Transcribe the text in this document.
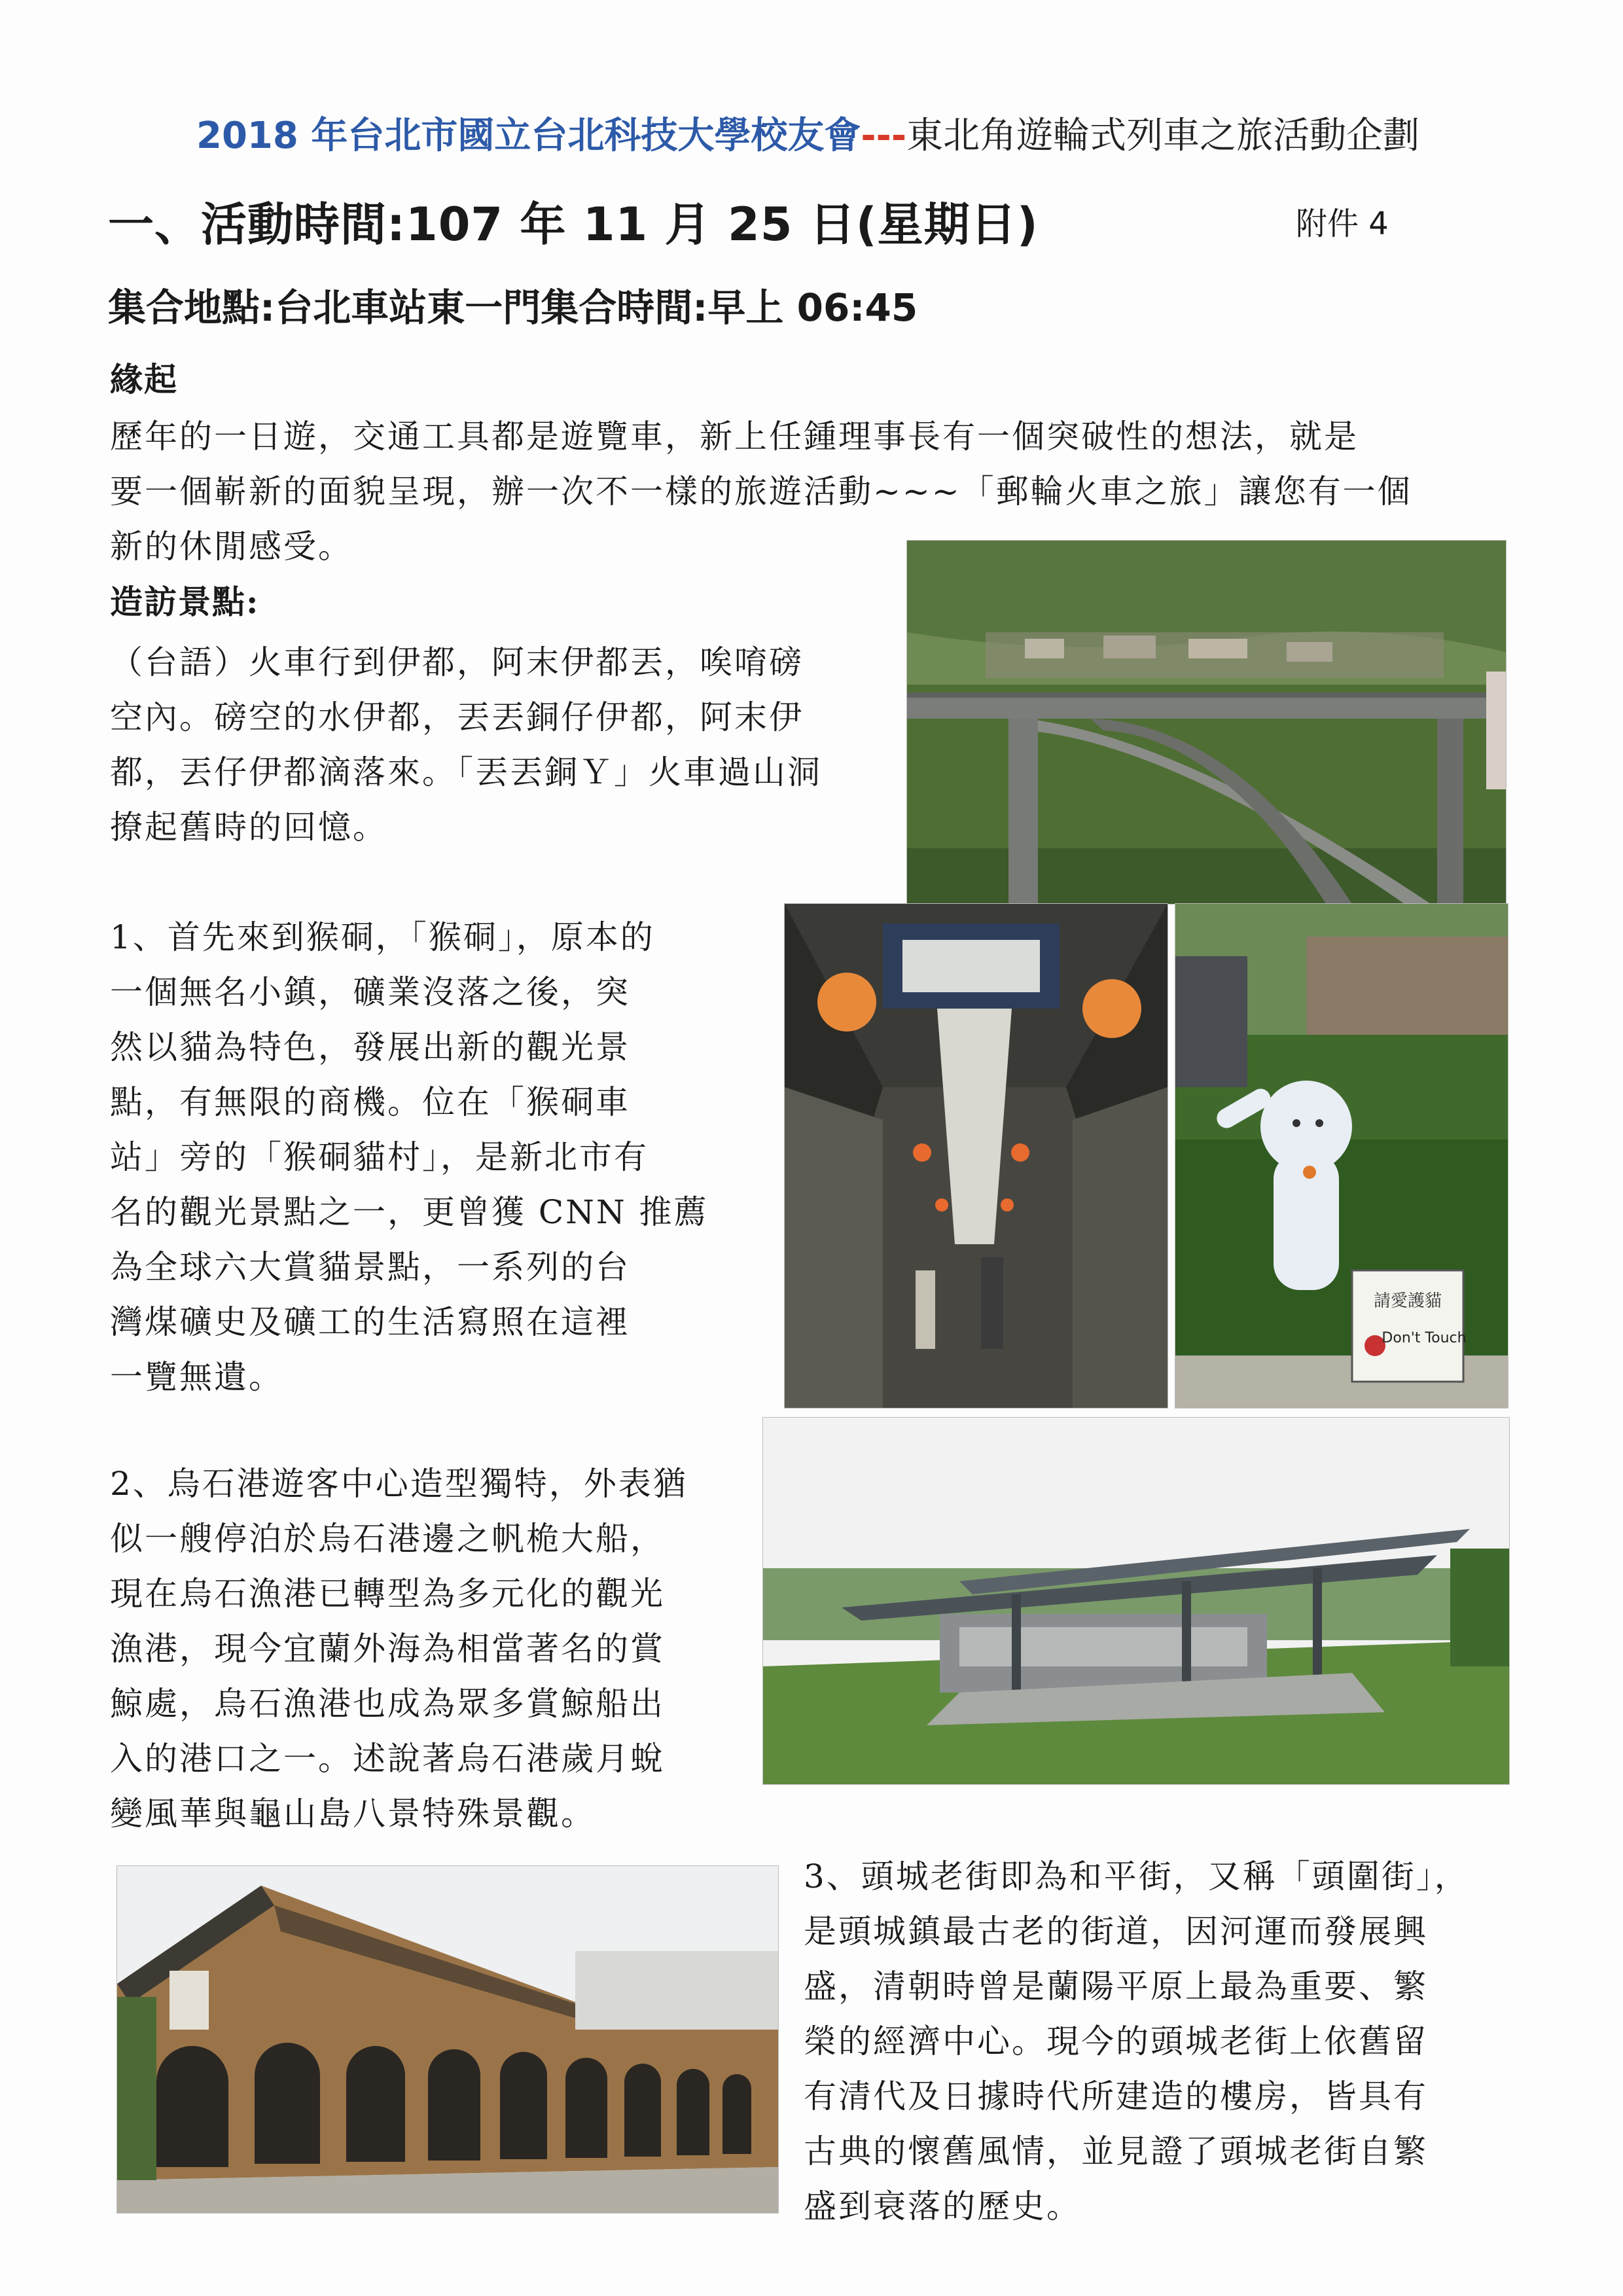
2018 年台北市國立台北科技大學校友會---東北角遊輪式列車之旅活動企劃
一、活動時間:107 年 11 月 25 日(星期日)	附件 4
集合地點:台北車站東一門集合時間:早上 06:45
緣起

歷年的一日遊，交通工具都是遊覽車，新上任鍾理事長有一個突破性的想法，就是
要一個嶄新的面貌呈現，辦一次不一樣的旅遊活動~~~「郵輪火車之旅」讓您有一個
新的休閒感受。

造訪景點:

（台語）火車行到伊都，阿末伊都丟，唉唷磅
空內。磅空的水伊都，丟丟銅仔伊都，阿末伊
都，丟仔伊都滴落來。「丟丟銅Ｙ」火車過山洞
撩起舊時的回憶。

1、首先來到猴硐，「猴硐」，原本的
一個無名小鎮，礦業沒落之後，突
然以貓為特色，發展出新的觀光景
點，有無限的商機。位在「猴硐車
站」旁的「猴硐貓村」，是新北市有
名的觀光景點之一，更曾獲 CNN 推薦
為全球六大賞貓景點，一系列的台
灣煤礦史及礦工的生活寫照在這裡
一覽無遺。

2、烏石港遊客中心造型獨特，外表猶
似一艘停泊於烏石港邊之帆桅大船，
現在烏石漁港已轉型為多元化的觀光
漁港，現今宜蘭外海為相當著名的賞
鯨處，烏石漁港也成為眾多賞鯨船出
入的港口之一。述說著烏石港歲月蛻
變風華與龜山島八景特殊景觀。

3、頭城老街即為和平街，又稱「頭圍街」，
是頭城鎮最古老的街道，因河運而發展興
盛，清朝時曾是蘭陽平原上最為重要、繁
榮的經濟中心。現今的頭城老街上依舊留
有清代及日據時代所建造的樓房，皆具有
古典的懷舊風情，並見證了頭城老街自繁
盛到衰落的歷史。

請愛護貓
Don't Touch
